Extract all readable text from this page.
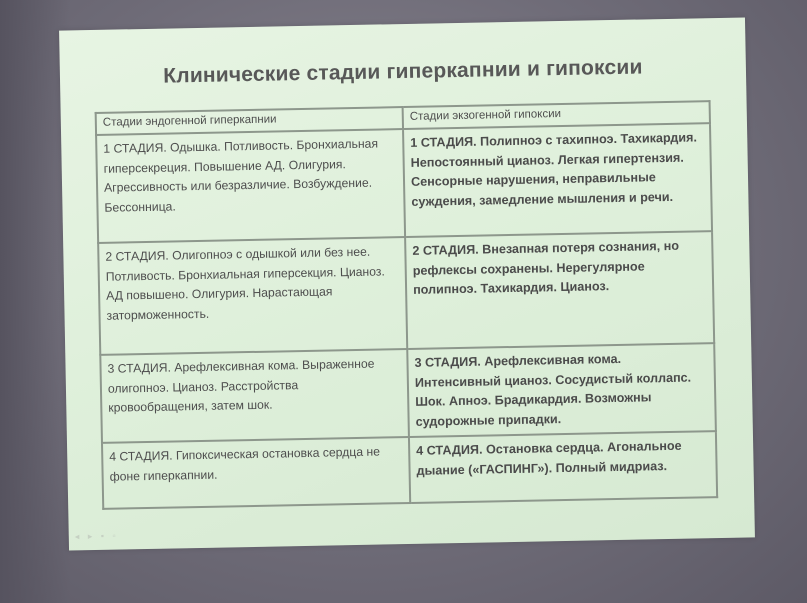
Клинические стадии гиперкапнии и гипоксии
Стадии эндогенной гиперкапнии	Стадии экзогенной гипоксии
1 СТАДИЯ. Одышка. Потливость. Бронхиальная гиперсекреция. Повышение АД. Олигурия. Агрессивность или безразличие. Возбуждение. Бессонница.	1 СТАДИЯ. Полипноэ с тахипноэ. Тахикардия. Непостоянный цианоз. Легкая гипертензия. Сенсорные нарушения, неправильные суждения, замедление мышления и речи.
2 СТАДИЯ. Олигопноэ с одышкой или без нее. Потливость. Бронхиальная гиперсекция. Цианоз. АД повышено. Олигурия. Нарастающая заторможенность.	2 СТАДИЯ. Внезапная потеря сознания, но рефлексы сохранены. Нерегулярное полипноэ. Тахикардия. Цианоз.
3 СТАДИЯ. Арефлексивная кома. Выраженное олигопноэ. Цианоз. Расстройства кровообращения, затем шок.	3 СТАДИЯ. Арефлексивная кома. Интенсивный цианоз. Сосудистый коллапс. Шок. Апноэ. Брадикардия. Возможны судорожные припадки.
4 СТАДИЯ. Гипоксическая остановка сердца не фоне гиперкапнии.	4 СТАДИЯ. Остановка сердца. Агональное дыание («ГАСПИНГ»). Полный мидриаз.
◂ ▸ ▪ ▫
